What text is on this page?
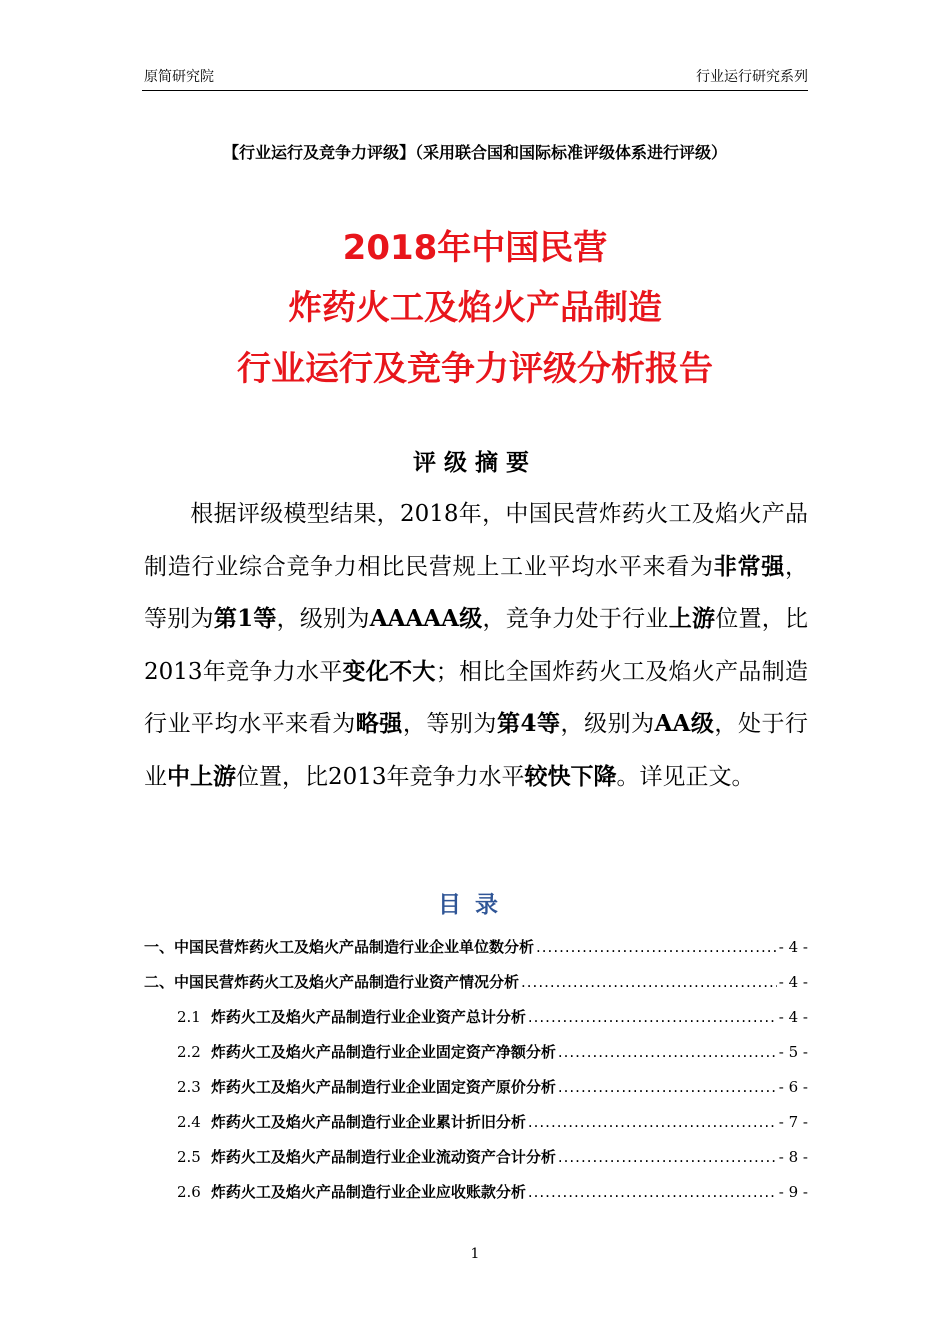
原简研究院	行业运行研究系列
【行业运行及竞争力评级】（采用联合国和国际标准评级体系进行评级）
2018年中国民营
炸药火工及焰火产品制造
行业运行及竞争力评级分析报告
评级摘要

根据评级模型结果，2018年，中国民营炸药火工及焰火产品制造行业综合竞争力相比民营规上工业平均水平来看为非常强，等别为第1等，级别为AAAAA级，竞争力处于行业上游位置，比2013年竞争力水平变化不大；相比全国炸药火工及焰火产品制造行业平均水平来看为略强，等别为第4等，级别为AA级，处于行业中上游位置，比2013年竞争力水平较快下降。详见正文。

目录
一、中国民营炸药火工及焰火产品制造行业企业单位数分析 .....	- 4 -
二、中国民营炸药火工及焰火产品制造行业资产情况分析 .....	- 4 -
2.1 炸药火工及焰火产品制造行业企业资产总计分析 .....	- 4 -
2.2 炸药火工及焰火产品制造行业企业固定资产净额分析 .....	- 5 -
2.3 炸药火工及焰火产品制造行业企业固定资产原价分析 .....	- 6 -
2.4 炸药火工及焰火产品制造行业企业累计折旧分析 .....	- 7 -
2.5 炸药火工及焰火产品制造行业企业流动资产合计分析 .....	- 8 -
2.6 炸药火工及焰火产品制造行业企业应收账款分析 .....	- 9 -
1
